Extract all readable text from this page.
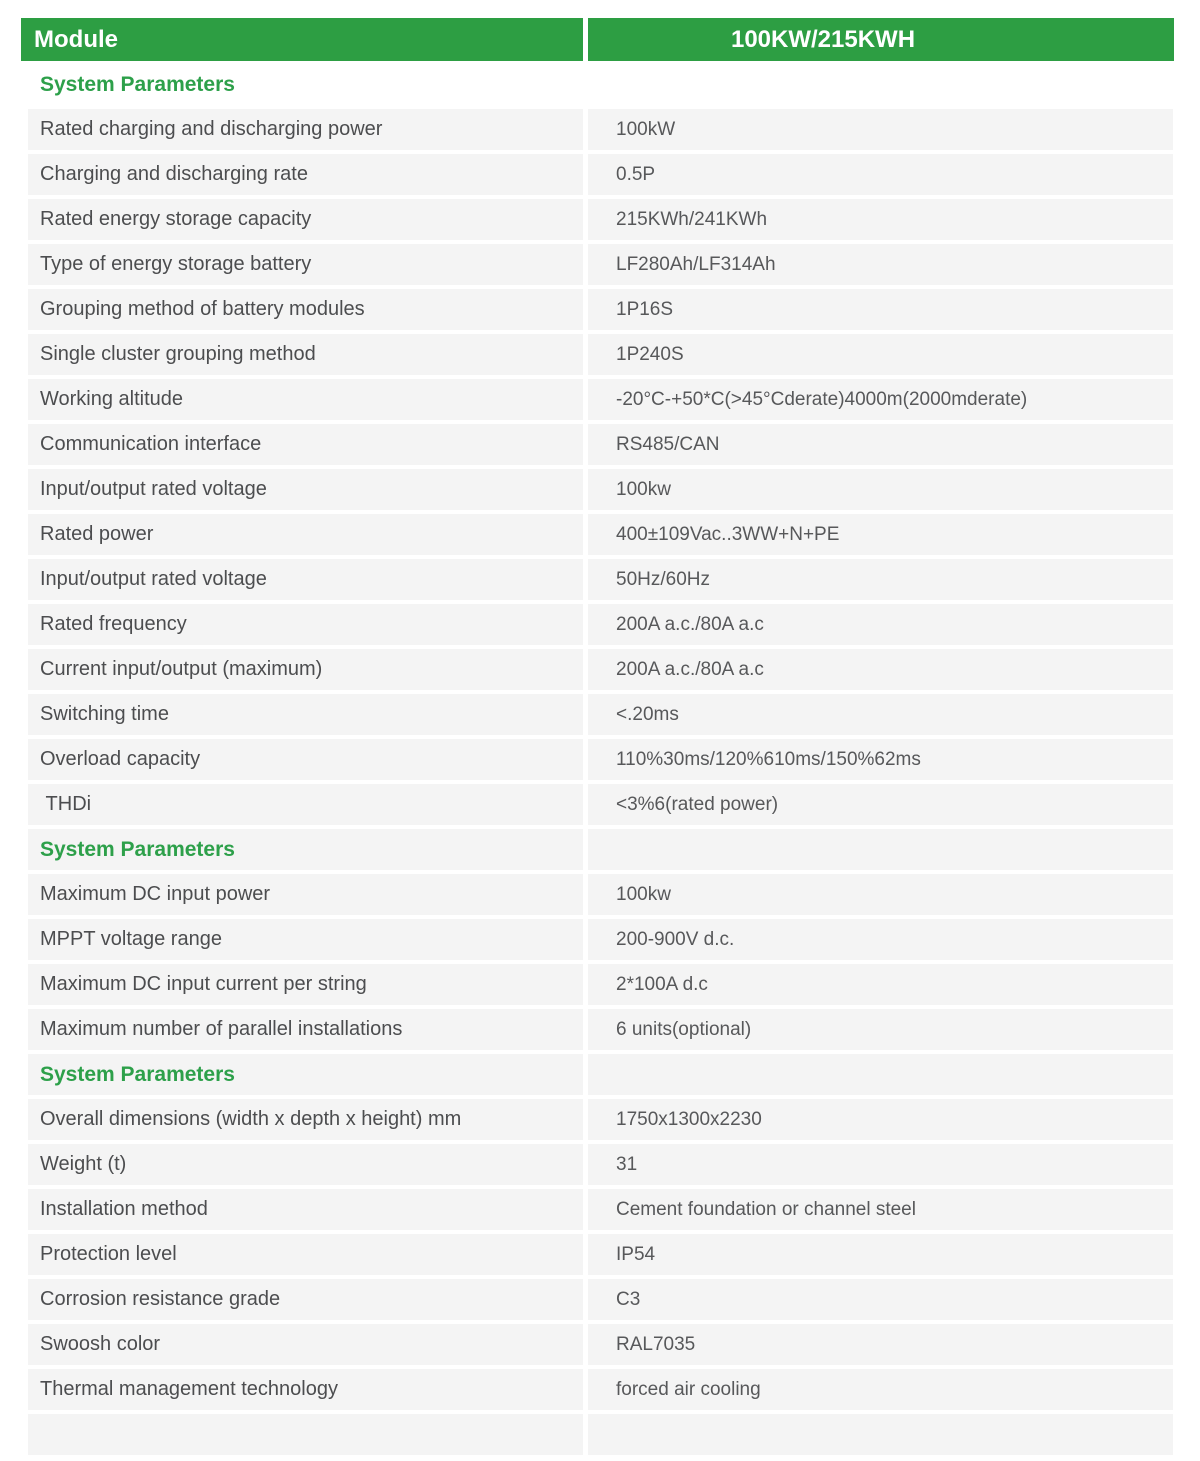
Module	100KW/215KWH
System Parameters
Rated charging and discharging power	100kW
Charging and discharging rate	0.5P
Rated energy storage capacity	215KWh/241KWh
Type of energy storage battery	LF280Ah/LF314Ah
Grouping method of battery modules	1P16S
Single cluster grouping method	1P240S
Working altitude	-20°C-+50*C(>45°Cderate)4000m(2000mderate)
Communication interface	RS485/CAN
Input/output rated voltage	100kw
Rated power	400±109Vac..3WW+N+PE
Input/output rated voltage	50Hz/60Hz
Rated frequency	200A a.c./80A a.c
Current input/output (maximum)	200A a.c./80A a.c
Switching time	<.20ms
Overload capacity	110%30ms/120%610ms/150%62ms
THDi	<3%6(rated power)
System Parameters
Maximum DC input power	100kw
MPPT voltage range	200-900V d.c.
Maximum DC input current per string	2*100A d.c
Maximum number of parallel installations	6 units(optional)
System Parameters
Overall dimensions (width x depth x height) mm	1750x1300x2230
Weight (t)	31
Installation method	Cement foundation or channel steel
Protection level	IP54
Corrosion resistance grade	C3
Swoosh color	RAL7035
Thermal management technology	forced air cooling
